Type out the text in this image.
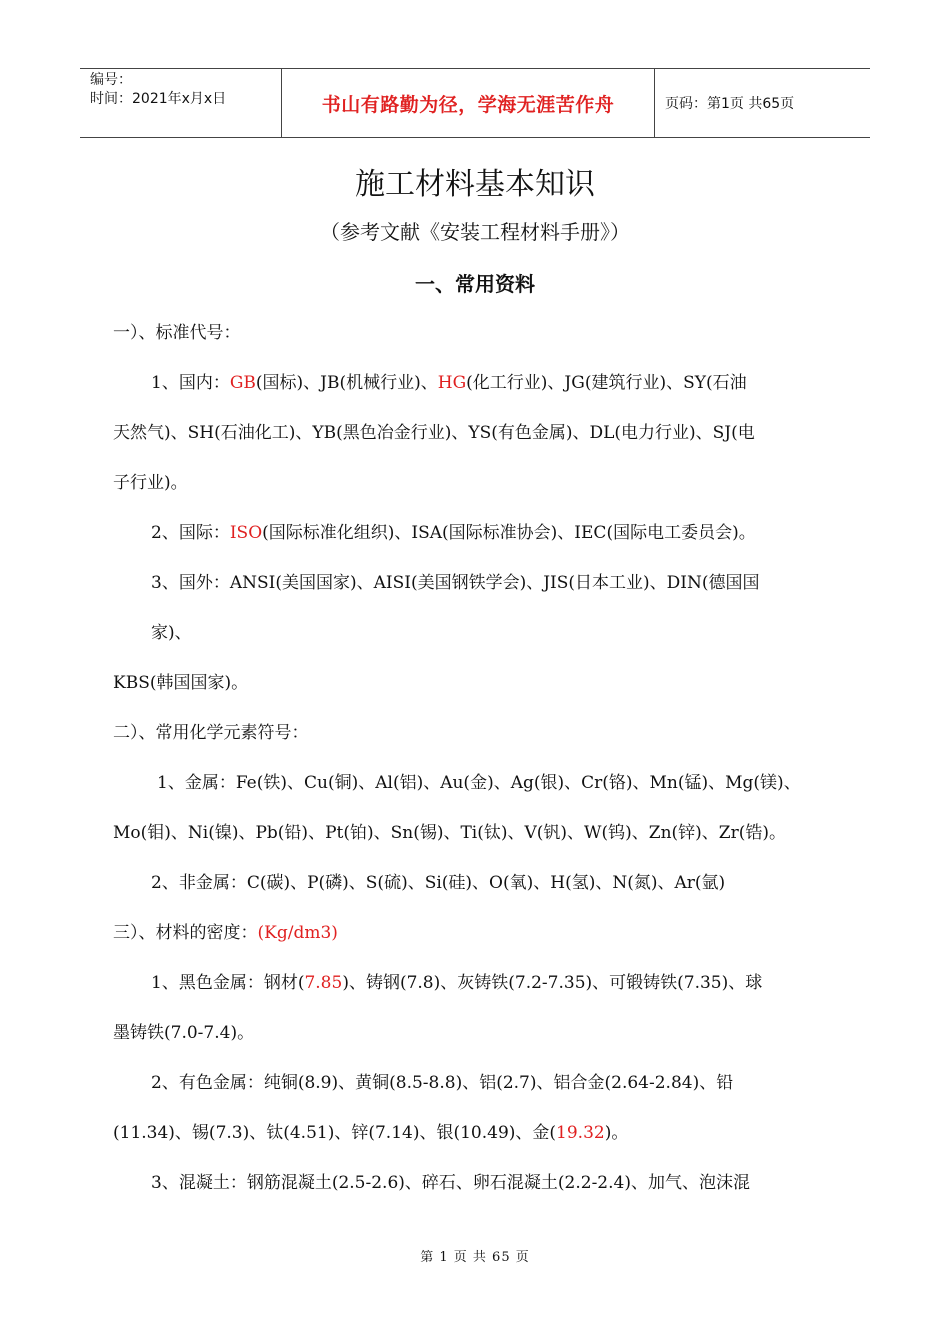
编号：
时间：2021年x月x日	书山有路勤为径，学海无涯苦作舟	页码：第1页 共65页
施工材料基本知识
（参考文献《安装工程材料手册》）
一、常用资料
一）、标准代号：
1、国内：GB(国标)、JB(机械行业)、HG(化工行业)、JG(建筑行业)、SY(石油
天然气)、SH(石油化工)、YB(黑色冶金行业)、YS(有色金属)、DL(电力行业)、SJ(电
子行业)。
2、国际：ISO(国际标准化组织)、ISA(国际标准协会)、IEC(国际电工委员会)。
3、国外：ANSI(美国国家)、AISI(美国钢铁学会)、JIS(日本工业)、DIN(德国国
家)、
KBS(韩国国家)。
二）、常用化学元素符号：
1、金属：Fe(铁)、Cu(铜)、Al(铝)、Au(金)、Ag(银)、Cr(铬)、Mn(锰)、Mg(镁)、
Mo(钼)、Ni(镍)、Pb(铅)、Pt(铂)、Sn(锡)、Ti(钛)、V(钒)、W(钨)、Zn(锌)、Zr(锆)。
2、非金属：C(碳)、P(磷)、S(硫)、Si(硅)、O(氧)、H(氢)、N(氮)、Ar(氩)
三）、材料的密度：(Kg/dm3)
1、黑色金属：钢材(7.85)、铸钢(7.8)、灰铸铁(7.2-7.35)、可锻铸铁(7.35)、球
墨铸铁(7.0-7.4)。
2、有色金属：纯铜(8.9)、黄铜(8.5-8.8)、铝(2.7)、铝合金(2.64-2.84)、铅
(11.34)、锡(7.3)、钛(4.51)、锌(7.14)、银(10.49)、金(19.32)。
3、混凝土：钢筋混凝土(2.5-2.6)、碎石、卵石混凝土(2.2-2.4)、加气、泡沫混
第 1 页 共 65 页
